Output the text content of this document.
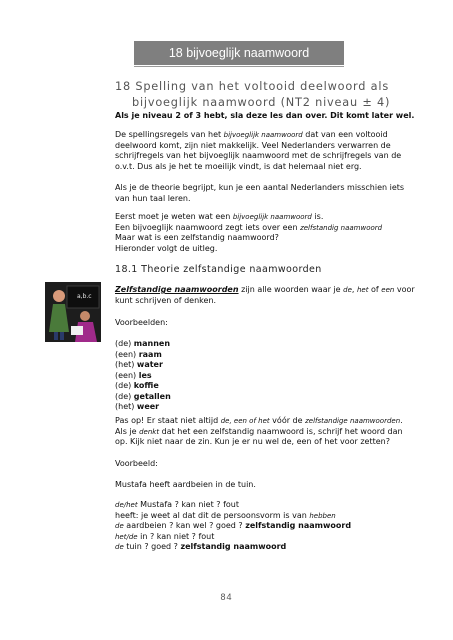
18 bijvoeglijk naamwoord
18 Spelling van het voltooid deelwoord als
bijvoeglijk naamwoord (NT2 niveau ± 4)
Als je niveau 2 of 3 hebt, sla deze les dan over. Dit komt later wel.
De spellingsregels van het bijvoeglijk naamwoord dat van een voltooid deelwoord komt, zijn niet makkelijk. Veel Nederlanders verwarren de schrijfregels van het bijvoeglijk naamwoord met de schrijfregels van de o.v.t. Dus als je het te moeilijk vindt, is dat helemaal niet erg.
Als je de theorie begrijpt, kun je een aantal Nederlanders misschien iets van hun taal leren.
Eerst moet je weten wat een bijvoeglijk naamwoord is.
Een bijvoeglijk naamwoord zegt iets over een zelfstandig naamwoord
Maar wat is een zelfstandig naamwoord?
Hieronder volgt de uitleg.
18.1 Theorie zelfstandige naamwoorden
a,b.c
Zelfstandige naamwoorden zijn alle woorden waar je de, het of een voor kunt schrijven of denken.
Voorbeelden:
(de) mannen
(een) raam
(het) water
(een) les
(de) koffie
(de) getallen
(het) weer
Pas op! Er staat niet altijd de, een of het vóór de zelfstandige naamwoorden. Als je denkt dat het een zelfstandig naamwoord is, schrijf het woord dan op. Kijk niet naar de zin. Kun je er nu wel de, een of het voor zetten?
Voorbeeld:
Mustafa heeft aardbeien in de tuin.
de/het Mustafa ? kan niet ? fout
heeft: je weet al dat dit de persoonsvorm is van hebben
de aardbeien ? kan wel ? goed ? zelfstandig naamwoord
het/de in ? kan niet ? fout
de tuin ? goed ? zelfstandig naamwoord
84
